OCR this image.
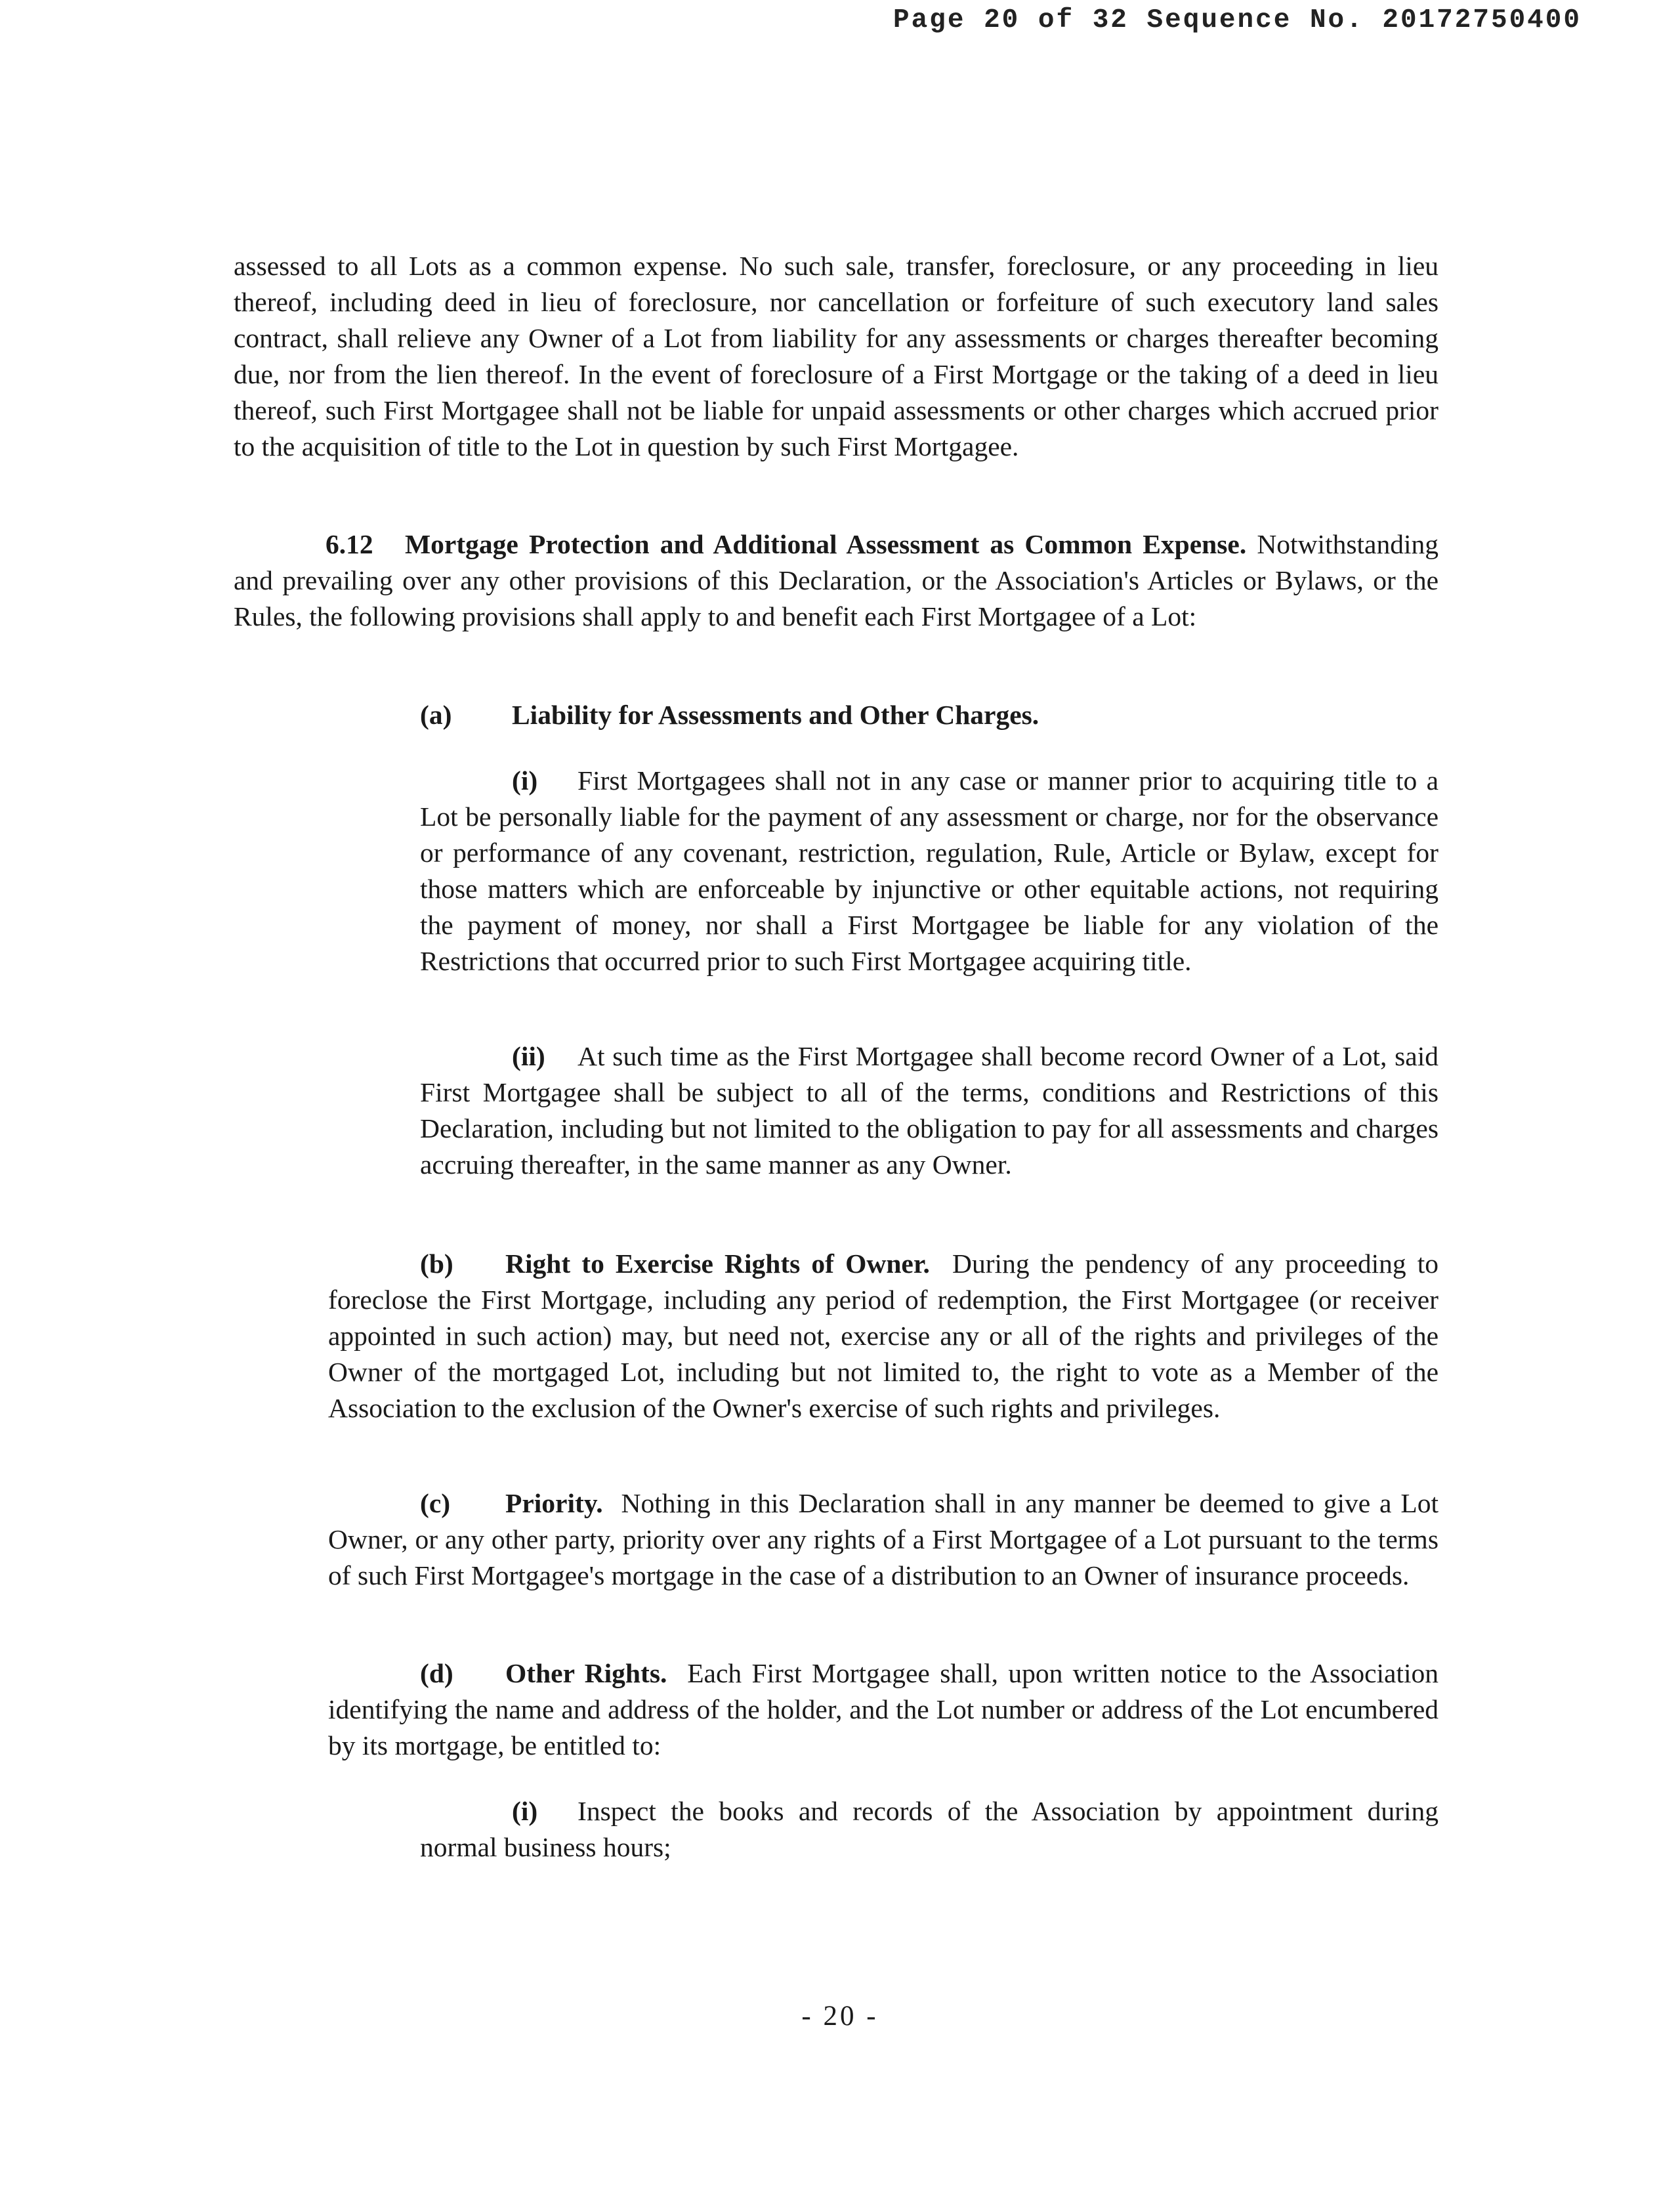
Page 20 of 32 Sequence No. 20172750400

assessed to all Lots as a common expense. No such sale, transfer, foreclosure, or any proceeding in lieu thereof, including deed in lieu of foreclosure, nor cancellation or forfeiture of such executory land sales contract, shall relieve any Owner of a Lot from liability for any assessments or charges thereafter becoming due, nor from the lien thereof. In the event of foreclosure of a First Mortgage or the taking of a deed in lieu thereof, such First Mortgagee shall not be liable for unpaid assessments or other charges which accrued prior to the acquisition of title to the Lot in question by such First Mortgagee.

6.12 Mortgage Protection and Additional Assessment as Common Expense. Notwithstanding and prevailing over any other provisions of this Declaration, or the Association's Articles or Bylaws, or the Rules, the following provisions shall apply to and benefit each First Mortgagee of a Lot:

(a) Liability for Assessments and Other Charges.

(i) First Mortgagees shall not in any case or manner prior to acquiring title to a Lot be personally liable for the payment of any assessment or charge, nor for the observance or performance of any covenant, restriction, regulation, Rule, Article or Bylaw, except for those matters which are enforceable by injunctive or other equitable actions, not requiring the payment of money, nor shall a First Mortgagee be liable for any violation of the Restrictions that occurred prior to such First Mortgagee acquiring title.

(ii) At such time as the First Mortgagee shall become record Owner of a Lot, said First Mortgagee shall be subject to all of the terms, conditions and Restrictions of this Declaration, including but not limited to the obligation to pay for all assessments and charges accruing thereafter, in the same manner as any Owner.

(b) Right to Exercise Rights of Owner. During the pendency of any proceeding to foreclose the First Mortgage, including any period of redemption, the First Mortgagee (or receiver appointed in such action) may, but need not, exercise any or all of the rights and privileges of the Owner of the mortgaged Lot, including but not limited to, the right to vote as a Member of the Association to the exclusion of the Owner's exercise of such rights and privileges.

(c) Priority. Nothing in this Declaration shall in any manner be deemed to give a Lot Owner, or any other party, priority over any rights of a First Mortgagee of a Lot pursuant to the terms of such First Mortgagee's mortgage in the case of a distribution to an Owner of insurance proceeds.

(d) Other Rights. Each First Mortgagee shall, upon written notice to the Association identifying the name and address of the holder, and the Lot number or address of the Lot encumbered by its mortgage, be entitled to:

(i) Inspect the books and records of the Association by appointment during normal business hours;

- 20 -
